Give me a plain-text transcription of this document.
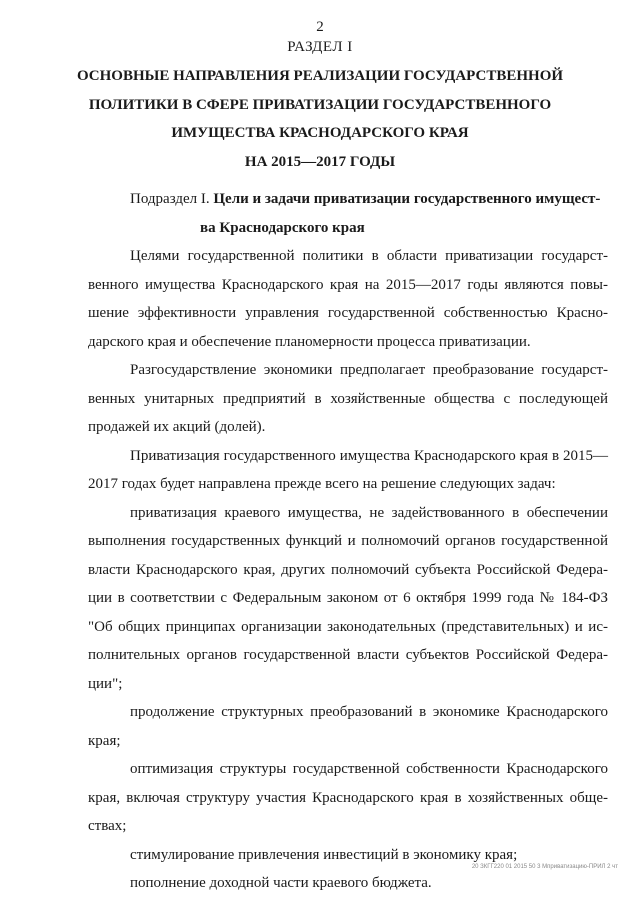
2
РАЗДЕЛ I
ОСНОВНЫЕ НАПРАВЛЕНИЯ РЕАЛИЗАЦИИ ГОСУДАРСТВЕННОЙ
ПОЛИТИКИ В СФЕРЕ ПРИВАТИЗАЦИИ ГОСУДАРСТВЕННОГО
ИМУЩЕСТВА КРАСНОДАРСКОГО КРАЯ
НА 2015—2017 ГОДЫ
Подраздел I. Цели и задачи приватизации государственного имущест-
ва Краснодарского края
Целями государственной политики в области приватизации государст-
венного имущества Краснодарского края на 2015—2017 годы являются повы-
шение эффективности управления государственной собственностью Красно-
дарского края и обеспечение планомерности процесса приватизации.
Разгосударствление экономики предполагает преобразование государст-
венных унитарных предприятий в хозяйственные общества с последующей
продажей их акций (долей).
Приватизация государственного имущества Краснодарского края в 2015—
2017 годах будет направлена прежде всего на решение следующих задач:
приватизация краевого имущества, не задействованного в обеспечении
выполнения государственных функций и полномочий органов государственной
власти Краснодарского края, других полномочий субъекта Российской Федера-
ции в соответствии с Федеральным законом от 6 октября 1999 года № 184-ФЗ
"Об общих принципах организации законодательных (представительных) и ис-
полнительных органов государственной власти субъектов Российской Федера-
ции";
продолжение структурных преобразований в экономике Краснодарского
края;
оптимизация структуры государственной собственности Краснодарского
края, включая структуру участия Краснодарского края в хозяйственных обще-
ствах;
стимулирование привлечения инвестиций в экономику края;
пополнение доходной части краевого бюджета.
20 ЗКГГ220 01 2015 50 3 Мприватизацию-ПРИЛ 2 чт
